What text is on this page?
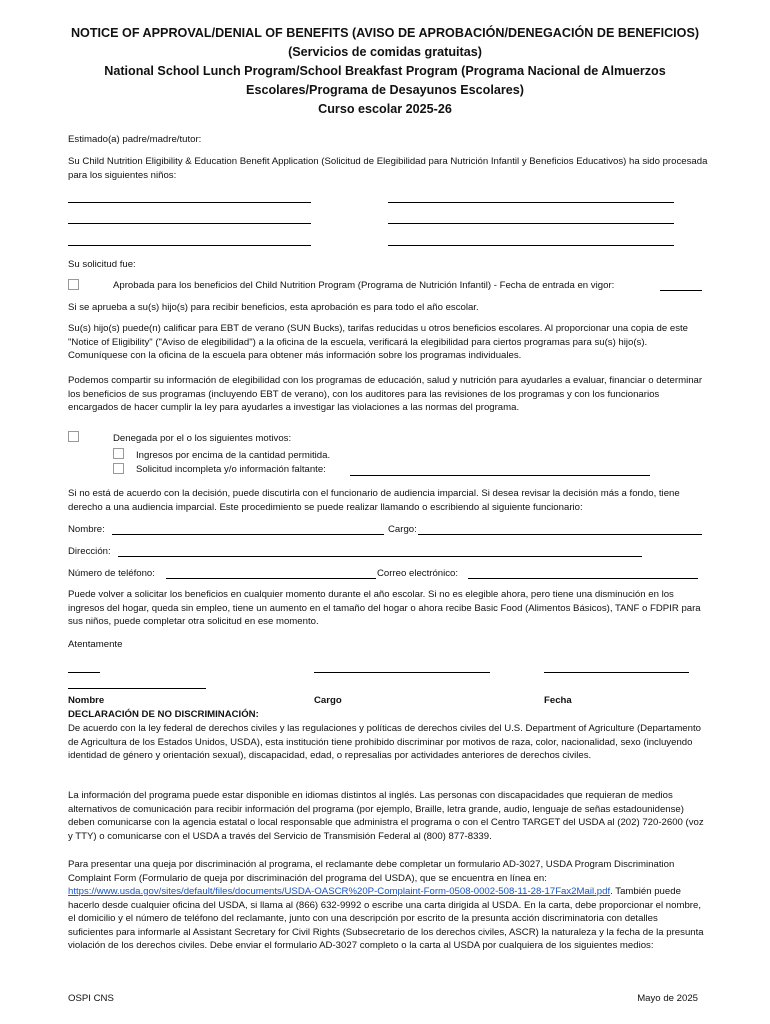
NOTICE OF APPROVAL/DENIAL OF BENEFITS (AVISO DE APROBACIÓN/DENEGACIÓN DE BENEFICIOS)
(Servicios de comidas gratuitas)
National School Lunch Program/School Breakfast Program (Programa Nacional de Almuerzos
Escolares/Programa de Desayunos Escolares)
Curso escolar 2025-26
Estimado(a) padre/madre/tutor:
Su Child Nutrition Eligibility & Education Benefit Application (Solicitud de Elegibilidad para Nutrición Infantil y Beneficios Educativos) ha sido procesada para los siguientes niños:
Su solicitud fue:
Aprobada para los beneficios del Child Nutrition Program (Programa de Nutrición Infantil) - Fecha de entrada en vigor:
Si se aprueba a su(s) hijo(s) para recibir beneficios, esta aprobación es para todo el año escolar.
Su(s) hijo(s) puede(n) calificar para EBT de verano (SUN Bucks), tarifas reducidas u otros beneficios escolares. Al proporcionar una copia de este "Notice of Eligibility" ("Aviso de elegibilidad") a la oficina de la escuela, verificará la elegibilidad para ciertos programas para su(s) hijo(s). Comuníquese con la oficina de la escuela para obtener más información sobre los programas individuales.
Podemos compartir su información de elegibilidad con los programas de educación, salud y nutrición para ayudarles a evaluar, financiar o determinar los beneficios de sus programas (incluyendo EBT de verano), con los auditores para las revisiones de los programas y con los funcionarios encargados de hacer cumplir la ley para ayudarles a investigar las violaciones a las normas del programa.
Denegada por el o los siguientes motivos:
Ingresos por encima de la cantidad permitida.
Solicitud incompleta y/o información faltante:
Si no está de acuerdo con la decisión, puede discutirla con el funcionario de audiencia imparcial. Si desea revisar la decisión más a fondo, tiene derecho a una audiencia imparcial. Este procedimiento se puede realizar llamando o escribiendo al siguiente funcionario:
Nombre:	Cargo:
Dirección:
Número de teléfono:	Correo electrónico:
Puede volver a solicitar los beneficios en cualquier momento durante el año escolar. Si no es elegible ahora, pero tiene una disminución en los ingresos del hogar, queda sin empleo, tiene un aumento en el tamaño del hogar o ahora recibe Basic Food (Alimentos Básicos), TANF o FDPIR para sus niños, puede completar otra solicitud en ese momento.
Atentamente
Nombre	Cargo	Fecha
DECLARACIÓN DE NO DISCRIMINACIÓN:
De acuerdo con la ley federal de derechos civiles y las regulaciones y políticas de derechos civiles del U.S. Department of Agriculture (Departamento de Agricultura de los Estados Unidos, USDA), esta institución tiene prohibido discriminar por motivos de raza, color, nacionalidad, sexo (incluyendo identidad de género y orientación sexual), discapacidad, edad, o represalias por actividades anteriores de derechos civiles.
La información del programa puede estar disponible en idiomas distintos al inglés. Las personas con discapacidades que requieran de medios alternativos de comunicación para recibir información del programa (por ejemplo, Braille, letra grande, audio, lenguaje de señas estadounidense) deben comunicarse con la agencia estatal o local responsable que administra el programa o con el Centro TARGET del USDA al (202) 720-2600 (voz y TTY) o comunicarse con el USDA a través del Servicio de Transmisión Federal al (800) 877-8339.
Para presentar una queja por discriminación al programa, el reclamante debe completar un formulario AD-3027, USDA Program Discrimination Complaint Form (Formulario de queja por discriminación del programa del USDA), que se encuentra en línea en: https://www.usda.gov/sites/default/files/documents/USDA-OASCR%20P-Complaint-Form-0508-0002-508-11-28-17Fax2Mail.pdf. También puede hacerlo desde cualquier oficina del USDA, si llama al (866) 632-9992 o escribe una carta dirigida al USDA. En la carta, debe proporcionar el nombre, el domicilio y el número de teléfono del reclamante, junto con una descripción por escrito de la presunta acción discriminatoria con detalles suficientes para informarle al Assistant Secretary for Civil Rights (Subsecretario de los derechos civiles, ASCR) la naturaleza y la fecha de la presunta violación de los derechos civiles. Debe enviar el formulario AD-3027 completo o la carta al USDA por cualquiera de los siguientes medios:
OSPI CNS	Mayo de 2025
